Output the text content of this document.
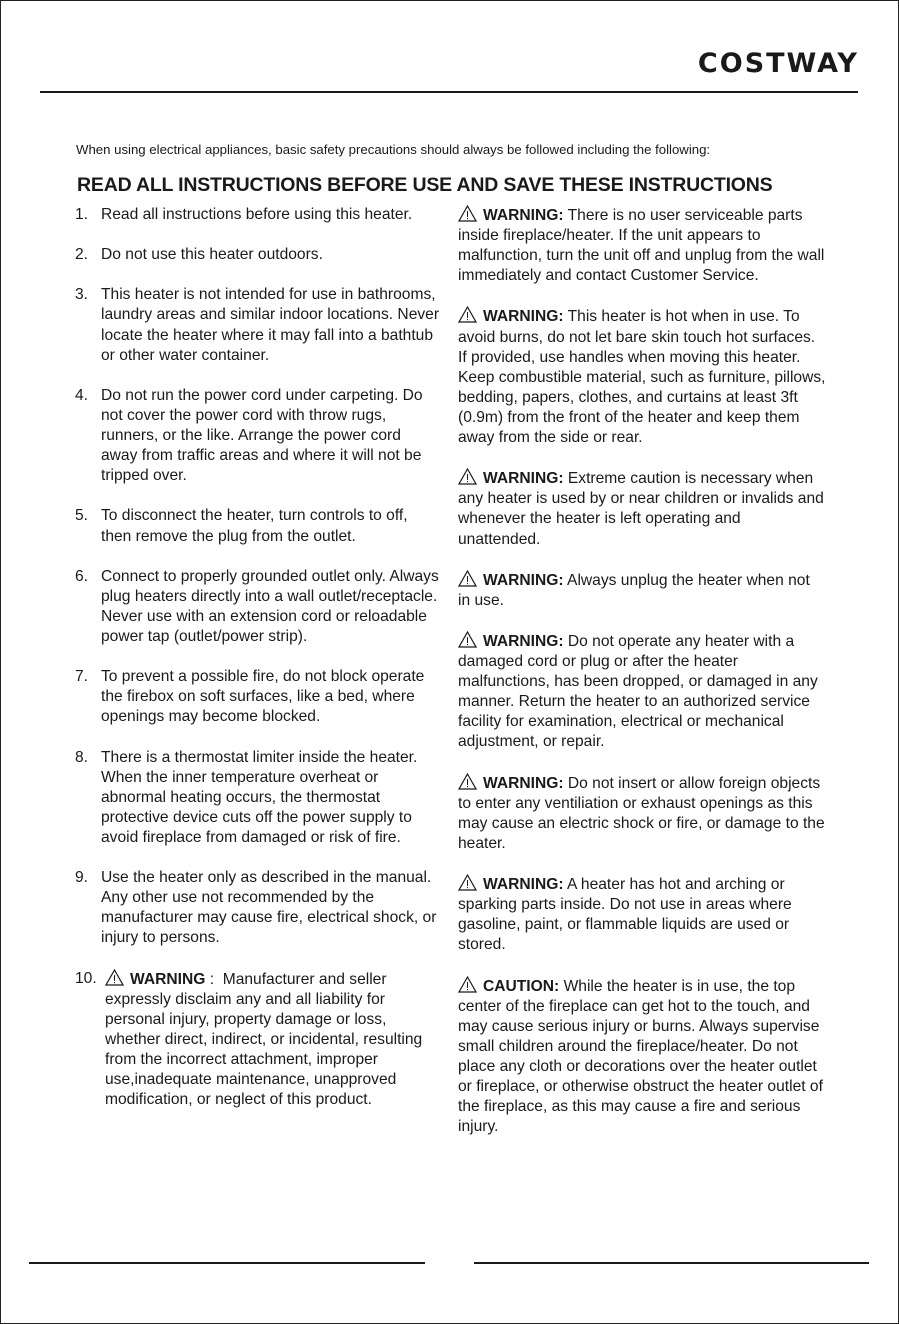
COSTWAY
When using electrical appliances, basic safety precautions should always be followed including the following:
READ ALL INSTRUCTIONS BEFORE USE AND SAVE THESE INSTRUCTIONS
1. Read all instructions before using this heater.
2. Do not use this heater outdoors.
3. This heater is not intended for use in bathrooms, laundry areas and similar indoor locations. Never locate the heater where it may fall into a bathtub or other water container.
4. Do not run the power cord under carpeting. Do not cover the power cord with throw rugs, runners, or the like. Arrange the power cord away from traffic areas and where it will not be tripped over.
5. To disconnect the heater, turn controls to off, then remove the plug from the outlet.
6. Connect to properly grounded outlet only. Always plug heaters directly into a wall outlet/receptacle. Never use with an extension cord or reloadable power tap (outlet/power strip).
7. To prevent a possible fire, do not block operate the firebox on soft surfaces, like a bed, where openings may become blocked.
8. There is a thermostat limiter inside the heater. When the inner temperature overheat or abnormal heating occurs, the thermostat protective device cuts off the power supply to avoid fireplace from damaged or risk of fire.
9. Use the heater only as described in the manual. Any other use not recommended by the manufacturer may cause fire, electrical shock, or injury to persons.
10.	WARNING :  Manufacturer and seller expressly disclaim any and all liability for personal injury, property damage or loss, whether direct, indirect, or incidental, resulting from the incorrect attachment, improper use,inadequate maintenance, unapproved modification, or neglect of this product.
WARNING: There is no user serviceable parts inside fireplace/heater. If the unit appears to malfunction, turn the unit off and unplug from the wall immediately and contact Customer Service.
WARNING: This heater is hot when in use. To avoid burns, do not let bare skin touch hot surfaces. If provided, use handles when moving this heater. Keep combustible material, such as furniture, pillows, bedding, papers, clothes, and curtains at least 3ft (0.9m) from the front of the heater and keep them away from the side or rear.
WARNING: Extreme caution is necessary when any heater is used by or near children or invalids and whenever the heater is left operating and unattended.
WARNING: Always unplug the heater when not in use.
WARNING: Do not operate any heater with a damaged cord or plug or after the heater malfunctions, has been dropped, or damaged in any manner. Return the heater to an authorized service facility for examination, electrical or mechanical adjustment, or repair.
WARNING: Do not insert or allow foreign objects to enter any ventiliation or exhaust openings as this may cause an electric shock or fire, or damage to the heater.
WARNING: A heater has hot and arching or sparking parts inside. Do not use in areas where gasoline, paint, or flammable liquids are used or stored.
CAUTION: While the heater is in use, the top center of the fireplace can get hot to the touch, and may cause serious injury or burns. Always supervise small children around the fireplace/heater. Do not place any cloth or decorations over the heater outlet or fireplace, or otherwise obstruct the heater outlet of the fireplace, as this may cause a fire and serious injury.
